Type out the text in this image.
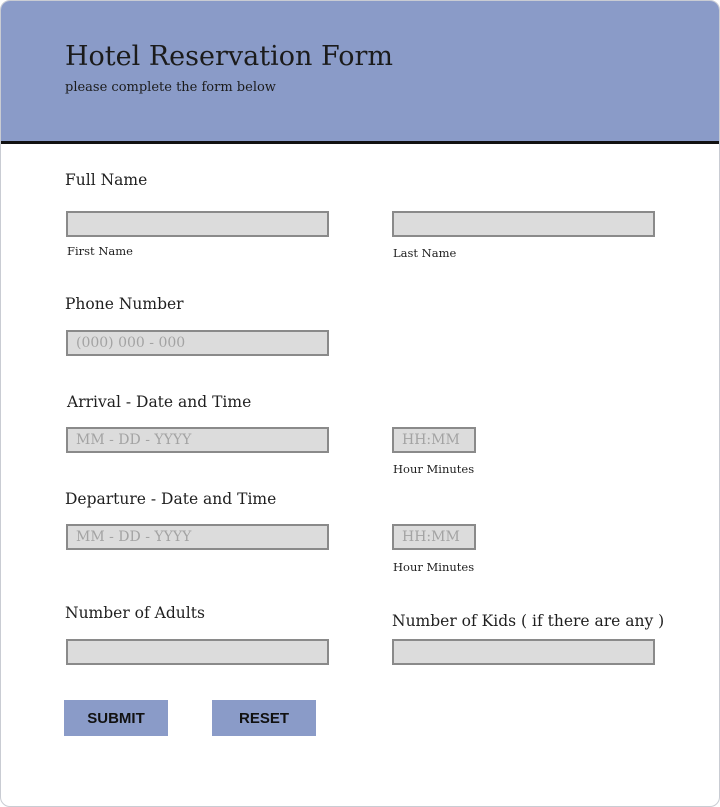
Hotel Reservation Form
please complete the form below
Full Name
First Name	Last Name
Phone Number
(000) 000 - 000
Arrival - Date and Time
MM - DD - YYYY
HH:MM
Hour Minutes
Departure - Date and Time
MM - DD - YYYY
HH:MM
Hour Minutes
Number of Adults	Number of Kids ( if there are any )
SUBMIT	RESET
